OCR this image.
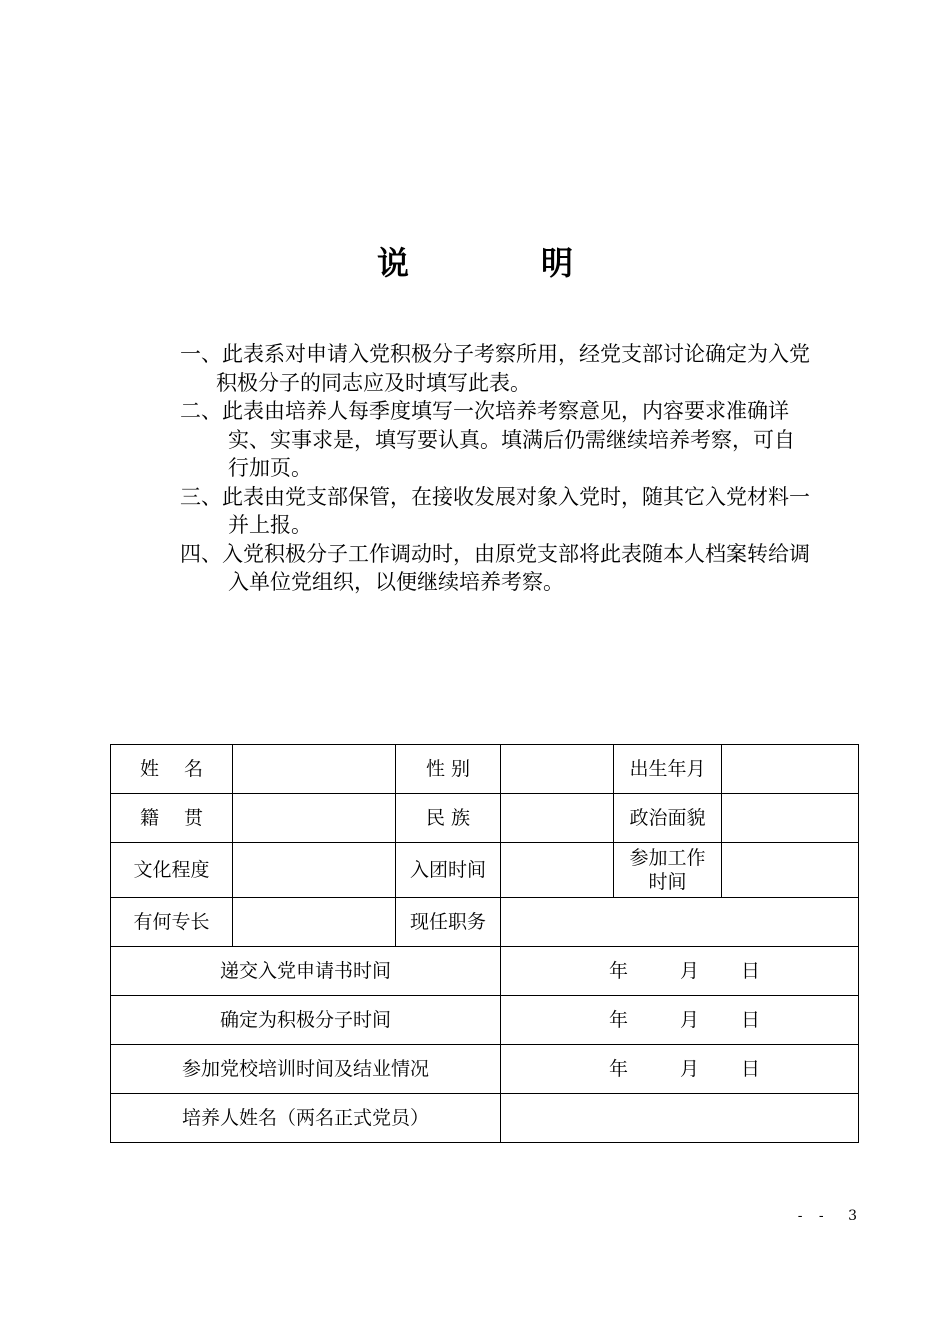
说　明

一、此表系对申请入党积极分子考察所用，经党支部讨论确定为入党积极分子的同志应及时填写此表。

二、此表由培养人每季度填写一次培养考察意见，内容要求准确详实、实事求是，填写要认真。填满后仍需继续培养考察，可自行加页。

三、此表由党支部保管，在接收发展对象入党时，随其它入党材料一并上报。

四、入党积极分子工作调动时，由原党支部将此表随本人档案转给调入单位党组织，以便继续培养考察。

姓　 名		性 别		出生年月	
籍　 贯		民 族		政治面貌	
文化程度		入团时间		参加工作时间	
有何专长		现任职务			
递交入党申请书时间			年 月 日		
确定为积极分子时间			年 月 日		
参加党校培训时间及结业情况			年 月 日		
培养人姓名（两名正式党员）					
- - 3
